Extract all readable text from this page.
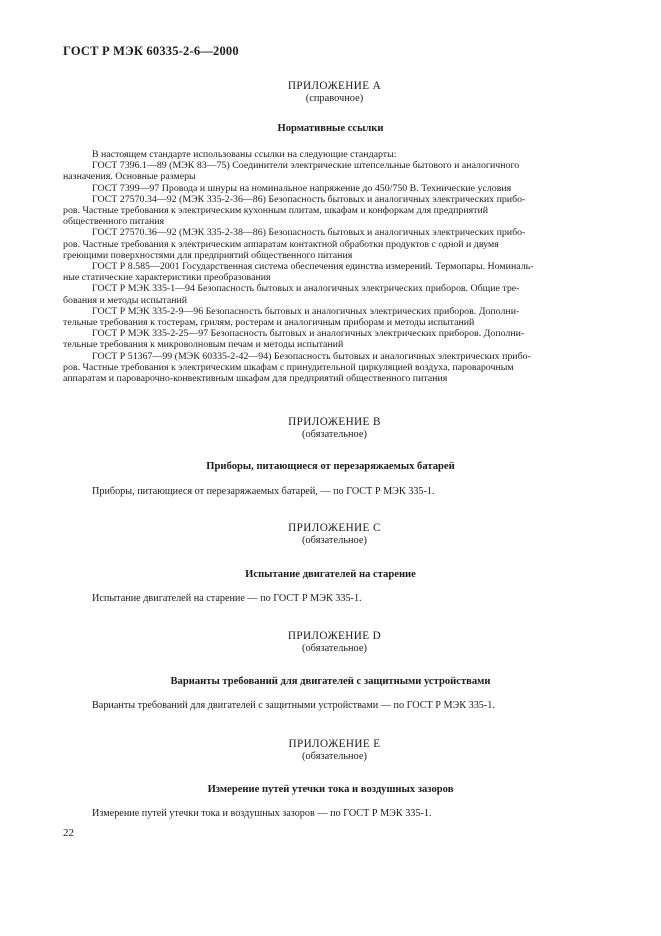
ГОСТ Р МЭК 60335-2-6—2000
ПРИЛОЖЕНИЕ А
(справочное)
Нормативные ссылки

В настоящем стандарте использованы ссылки на следующие стандарты:

ГОСТ 7396.1—89 (МЭК 83—75) Соединители электрические штепсельные бытового и аналогичного
назначения. Основные размеры

ГОСТ 7399—97 Провода и шнуры на номинальное напряжение до 450/750 В. Технические условия

ГОСТ 27570.34—92 (МЭК 335-2-36—86) Безопасность бытовых и аналогичных электрических прибо-
ров. Частные требования к электрическим кухонным плитам, шкафам и конфоркам для предприятий
общественного питания

ГОСТ 27570.36—92 (МЭК 335-2-38—86) Безопасность бытовых и аналогичных электрических прибо-
ров. Частные требования к электрическим аппаратам контактной обработки продуктов с одной и двумя
греющими поверхностями для предприятий общественного питания

ГОСТ Р 8.585—2001 Государственная система обеспечения единства измерений. Термопары. Номиналь-
ные статические характеристики преобразования

ГОСТ Р МЭК 335-1—94 Безопасность бытовых и аналогичных электрических приборов. Общие тре-
бования и методы испытаний

ГОСТ Р МЭК 335-2-9—96 Безопасность бытовых и аналогичных электрических приборов. Дополни-
тельные требования к тостерам, грилям, ростерам и аналогичным приборам и методы испытаний

ГОСТ Р МЭК 335-2-25—97 Безопасность бытовых и аналогичных электрических приборов. Дополни-
тельные требования к микроволновым печам и методы испытаний

ГОСТ Р 51367—99 (МЭК 60335-2-42—94) Безопасность бытовых и аналогичных электрических прибо-
ров. Частные требования к электрическим шкафам с принудительной циркуляцией воздуха, пароварочным
аппаратам и пароварочно-конвективным шкафам для предприятий общественного питания

ПРИЛОЖЕНИЕ В
(обязательное)
Приборы, питающиеся от перезаряжаемых батарей
Приборы, питающиеся от перезаряжаемых батарей, — по ГОСТ Р МЭК 335-1.
ПРИЛОЖЕНИЕ С
(обязательное)
Испытание двигателей на старение
Испытание двигателей на старение — по ГОСТ Р МЭК 335-1.
ПРИЛОЖЕНИЕ D
(обязательное)
Варианты требований для двигателей с защитными устройствами
Варианты требований для двигателей с защитными устройствами — по ГОСТ Р МЭК 335-1.
ПРИЛОЖЕНИЕ Е
(обязательное)
Измерение путей утечки тока и воздушных зазоров
Измерение путей утечки тока и воздушных зазоров — по ГОСТ Р МЭК 335-1.
22
